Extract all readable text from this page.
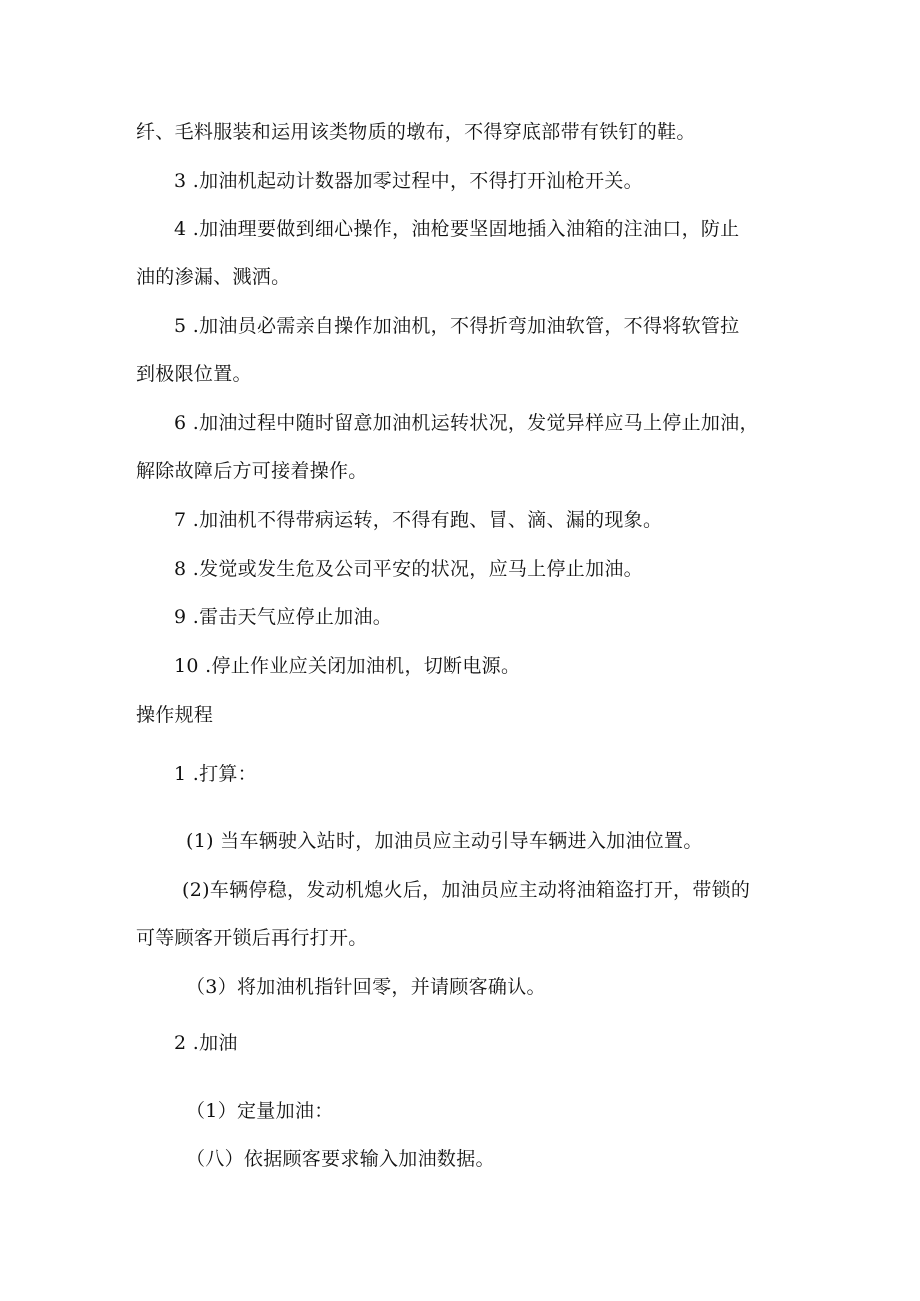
纤、毛料服装和运用该类物质的墩布，不得穿底部带有铁钉的鞋。
3 .加油机起动计数器加零过程中，不得打开汕枪开关。
4 .加油理要做到细心操作，油枪要坚固地插入油箱的注油口，防止
油的渗漏、溅洒。
5 .加油员必需亲自操作加油机，不得折弯加油软管，不得将软管拉
到极限位置。
6 .加油过程中随时留意加油机运转状况，发觉异样应马上停止加油，
解除故障后方可接着操作。
7 .加油机不得带病运转，不得有跑、冒、滴、漏的现象。
8 .发觉或发生危及公司平安的状况，应马上停止加油。
9 .雷击天气应停止加油。
10 .停止作业应关闭加油机，切断电源。
操作规程
1 .打算：
(1) 当车辆驶入站时，加油员应主动引导车辆进入加油位置。
(2)车辆停稳，发动机熄火后，加油员应主动将油箱盗打开，带锁的
可等顾客开锁后再行打开。
（3）将加油机指针回零，并请顾客确认。
2 .加油
（1）定量加油：
（八）依据顾客要求输入加油数据。
